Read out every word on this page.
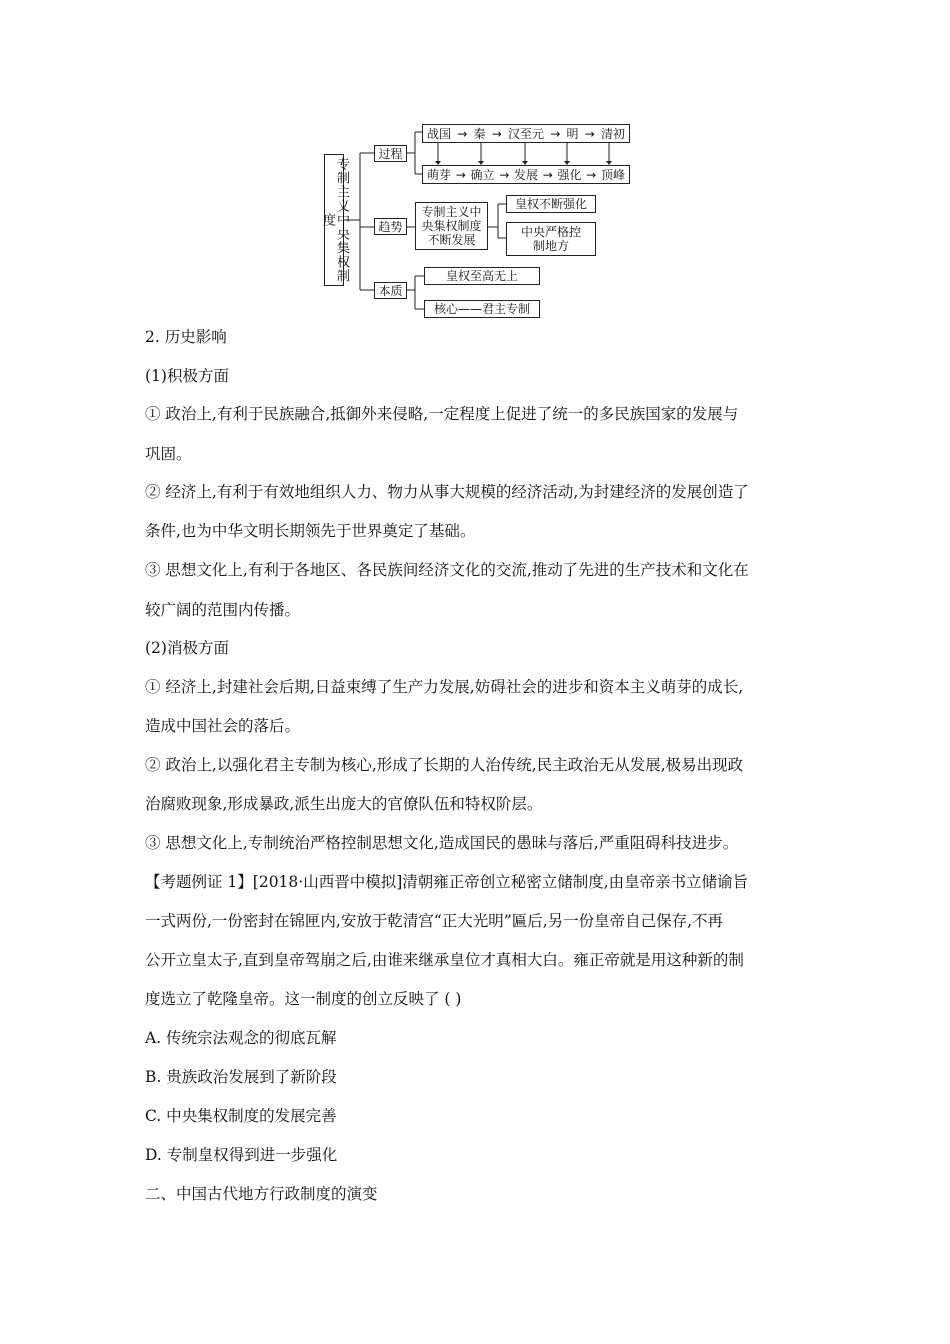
专制主义中央集权制度
过程
趋势
本质
战国 → 秦 → 汉至元 → 明 → 清初
萌芽 → 确立 → 发展 → 强化 → 顶峰
专制主义中央集权制度不断发展
皇权不断强化
中央严格控制地方
皇权至高无上
核心——君主专制
2. 历史影响
(1)积极方面
① 政治上,有利于民族融合,抵御外来侵略,一定程度上促进了统一的多民族国家的发展与
巩固。
② 经济上,有利于有效地组织人力、物力从事大规模的经济活动,为封建经济的发展创造了
条件,也为中华文明长期领先于世界奠定了基础。
③ 思想文化上,有利于各地区、各民族间经济文化的交流,推动了先进的生产技术和文化在
较广阔的范围内传播。
(2)消极方面
① 经济上,封建社会后期,日益束缚了生产力发展,妨碍社会的进步和资本主义萌芽的成长,
造成中国社会的落后。
② 政治上,以强化君主专制为核心,形成了长期的人治传统,民主政治无从发展,极易出现政
治腐败现象,形成暴政,派生出庞大的官僚队伍和特权阶层。
③ 思想文化上,专制统治严格控制思想文化,造成国民的愚昧与落后,严重阻碍科技进步。
【考题例证 1】[2018·山西晋中模拟]清朝雍正帝创立秘密立储制度,由皇帝亲书立储谕旨
一式两份,一份密封在锦匣内,安放于乾清宫“正大光明”匾后,另一份皇帝自己保存,不再
公开立皇太子,直到皇帝驾崩之后,由谁来继承皇位才真相大白。雍正帝就是用这种新的制
度选立了乾隆皇帝。这一制度的创立反映了 ( )
A. 传统宗法观念的彻底瓦解
B. 贵族政治发展到了新阶段
C. 中央集权制度的发展完善
D. 专制皇权得到进一步强化
二、中国古代地方行政制度的演变
